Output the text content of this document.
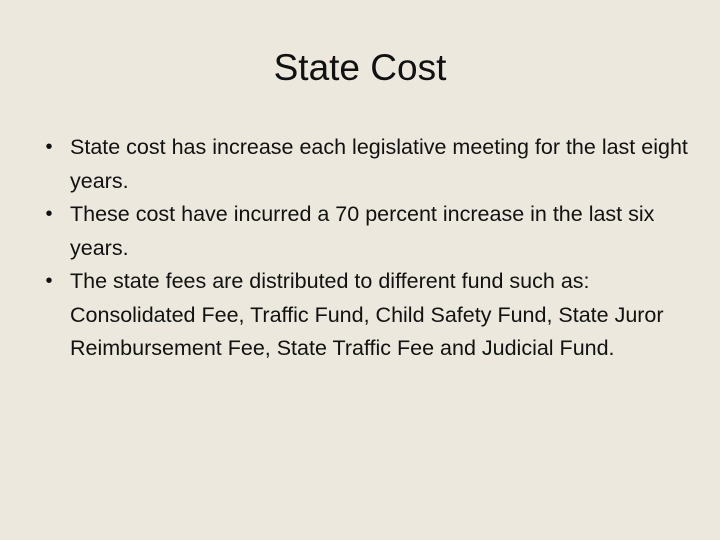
State Cost
• State cost has increase each legislative meeting for the last eight years.
• These cost have incurred a 70 percent increase in the last six years.
• The state fees are distributed to different fund such as: Consolidated Fee, Traffic Fund, Child Safety Fund, State Juror Reimbursement Fee, State Traffic Fee and Judicial Fund.
